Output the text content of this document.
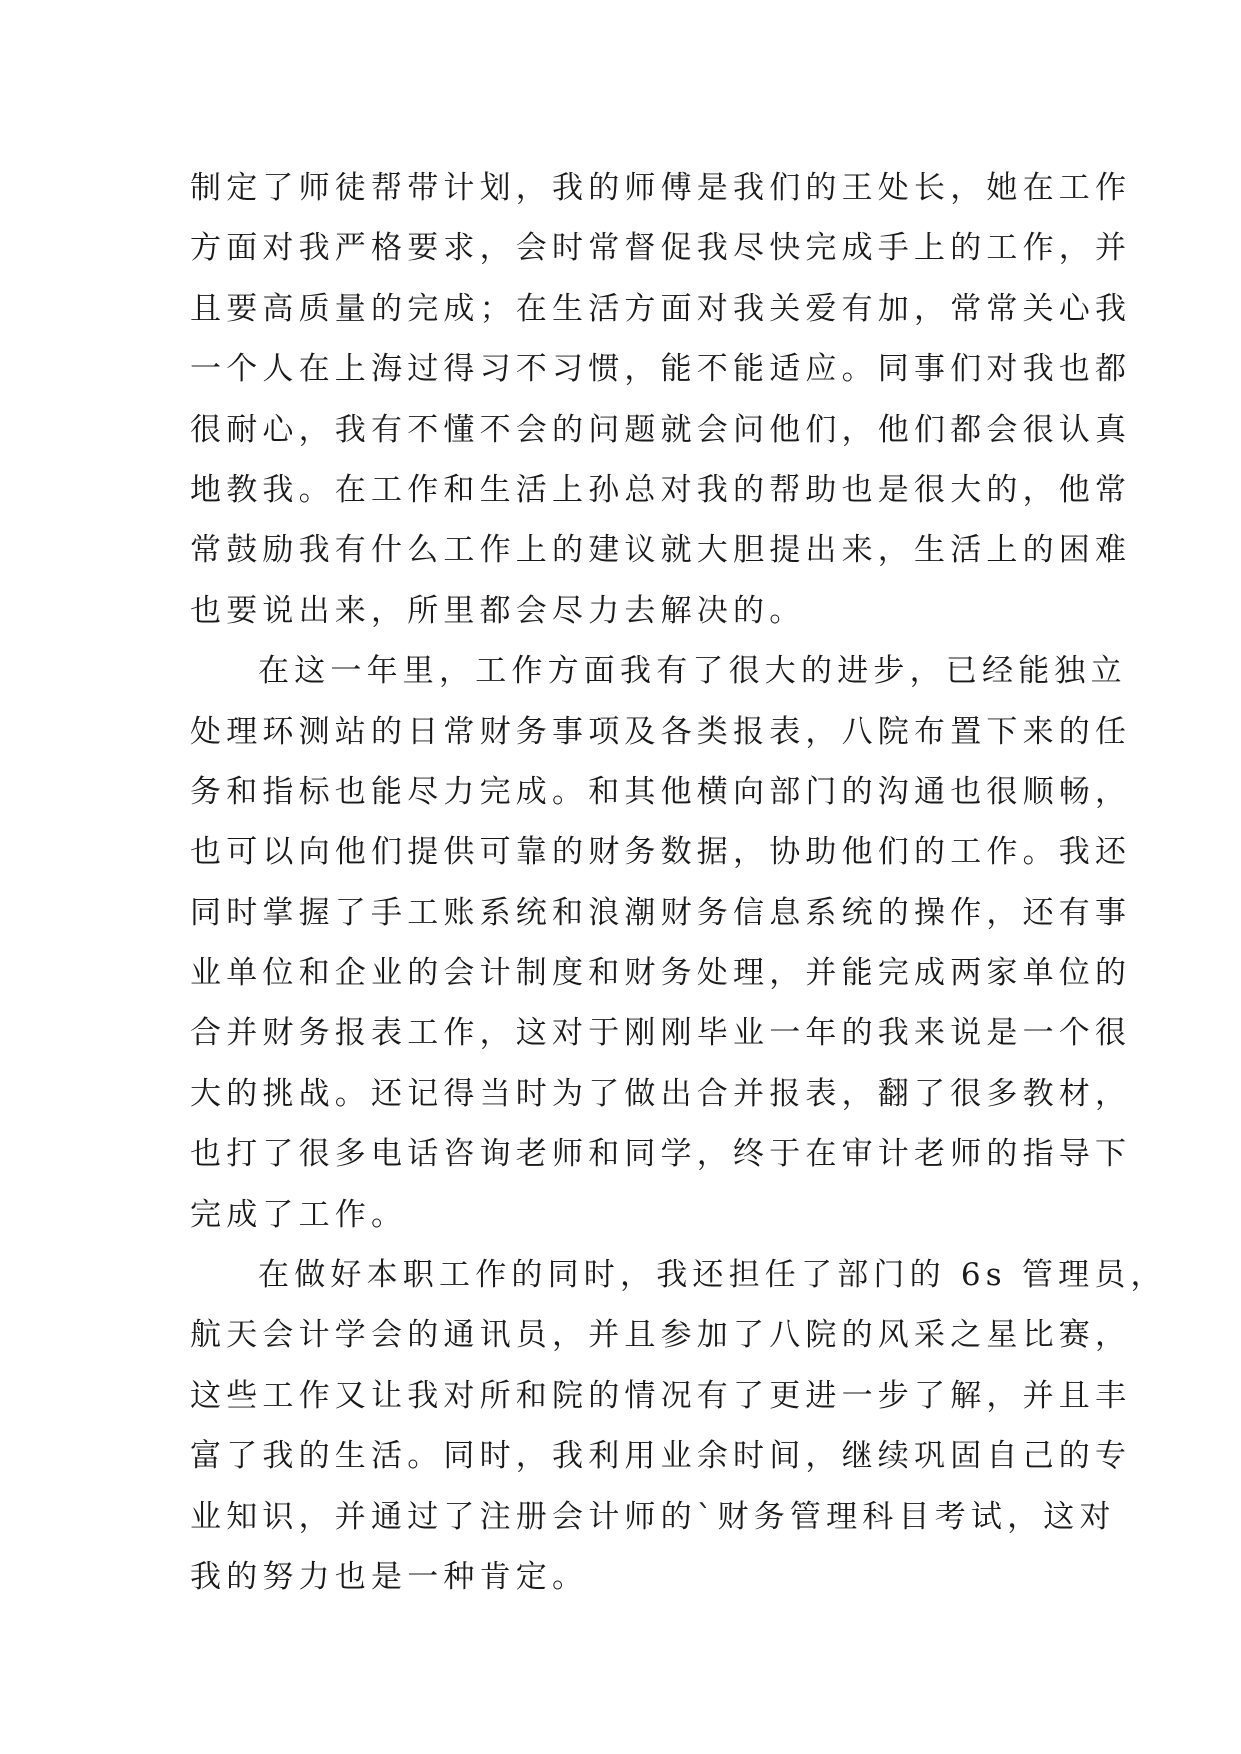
制定了师徒帮带计划，我的师傅是我们的王处长，她在工作
方面对我严格要求，会时常督促我尽快完成手上的工作，并
且要高质量的完成；在生活方面对我关爱有加，常常关心我
一个人在上海过得习不习惯，能不能适应。同事们对我也都
很耐心，我有不懂不会的问题就会问他们，他们都会很认真
地教我。在工作和生活上孙总对我的帮助也是很大的，他常
常鼓励我有什么工作上的建议就大胆提出来，生活上的困难
也要说出来，所里都会尽力去解决的。
在这一年里，工作方面我有了很大的进步，已经能独立
处理环测站的日常财务事项及各类报表，八院布置下来的任
务和指标也能尽力完成。和其他横向部门的沟通也很顺畅，
也可以向他们提供可靠的财务数据，协助他们的工作。我还
同时掌握了手工账系统和浪潮财务信息系统的操作，还有事
业单位和企业的会计制度和财务处理，并能完成两家单位的
合并财务报表工作，这对于刚刚毕业一年的我来说是一个很
大的挑战。还记得当时为了做出合并报表，翻了很多教材，
也打了很多电话咨询老师和同学，终于在审计老师的指导下
完成了工作。
在做好本职工作的同时，我还担任了部门的 6s 管理员，
航天会计学会的通讯员，并且参加了八院的风采之星比赛，
这些工作又让我对所和院的情况有了更进一步了解，并且丰
富了我的生活。同时，我利用业余时间，继续巩固自己的专
业知识，并通过了注册会计师的`财务管理科目考试，这对
我的努力也是一种肯定。
